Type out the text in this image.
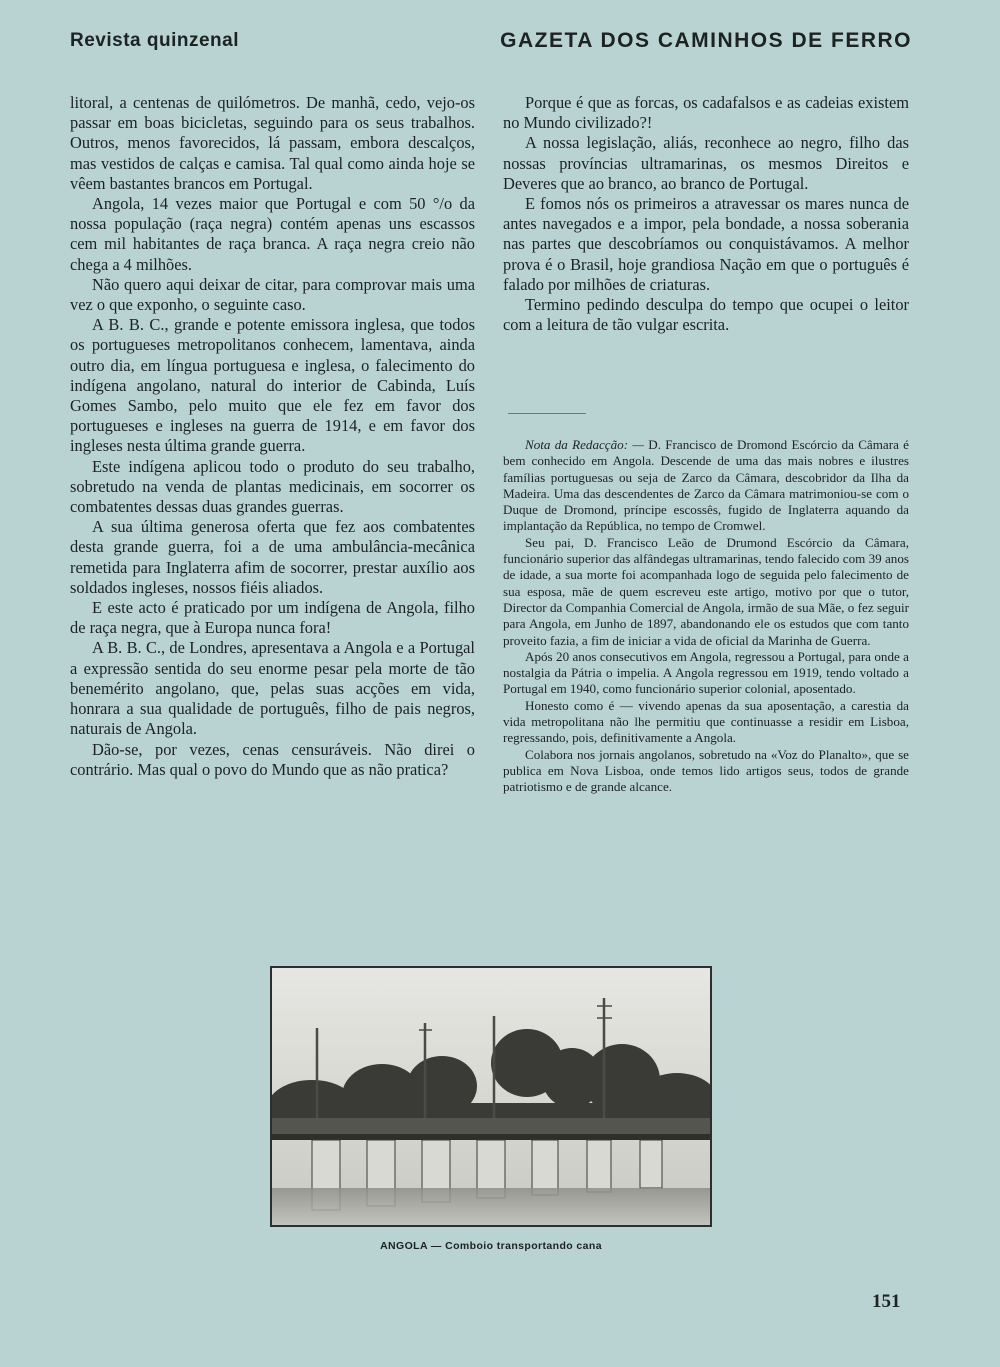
Revista quinzenal	GAZETA DOS CAMINHOS DE FERRO

litoral, a centenas de quilómetros. De manhã, cedo, vejo-os passar em boas bicicletas, seguindo para os seus trabalhos. Outros, menos favorecidos, lá passam, embora descalços, mas vestidos de calças e camisa. Tal qual como ainda hoje se vêem bastantes brancos em Portugal.

Angola, 14 vezes maior que Portugal e com 50 °/o da nossa população (raça negra) contém apenas uns escassos cem mil habitantes de raça branca. A raça negra creio não chega a 4 milhões.

Não quero aqui deixar de citar, para comprovar mais uma vez o que exponho, o seguinte caso.

A B. B. C., grande e potente emissora inglesa, que todos os portugueses metropolitanos conhecem, lamentava, ainda outro dia, em língua portuguesa e inglesa, o falecimento do indígena angolano, natural do interior de Cabinda, Luís Gomes Sambo, pelo muito que ele fez em favor dos portugueses e ingleses na guerra de 1914, e em favor dos ingleses nesta última grande guerra.

Este indígena aplicou todo o produto do seu trabalho, sobretudo na venda de plantas medicinais, em socorrer os combatentes dessas duas grandes guerras.

A sua última generosa oferta que fez aos combatentes desta grande guerra, foi a de uma ambulância-mecânica remetida para Inglaterra afim de socorrer, prestar auxílio aos soldados ingleses, nossos fiéis aliados.

E este acto é praticado por um indígena de Angola, filho de raça negra, que à Europa nunca fora!

A B. B. C., de Londres, apresentava a Angola e a Portugal a expressão sentida do seu enorme pesar pela morte de tão benemérito angolano, que, pelas suas acções em vida, honrara a sua qualidade de português, filho de pais negros, naturais de Angola.

Dão-se, por vezes, cenas censuráveis. Não direi o contrário. Mas qual o povo do Mundo que as não pratica?

Porque é que as forcas, os cadafalsos e as cadeias existem no Mundo civilizado?!

A nossa legislação, aliás, reconhece ao negro, filho das nossas províncias ultramarinas, os mesmos Direitos e Deveres que ao branco, ao branco de Portugal.

E fomos nós os primeiros a atravessar os mares nunca de antes navegados e a impor, pela bondade, a nossa soberania nas partes que descobríamos ou conquistávamos. A melhor prova é o Brasil, hoje grandiosa Nação em que o português é falado por milhões de criaturas.

Termino pedindo desculpa do tempo que ocupei o leitor com a leitura de tão vulgar escrita.

Nota da Redacção: — D. Francisco de Dromond Escórcio da Câmara é bem conhecido em Angola. Descende de uma das mais nobres e ilustres famílias portuguesas ou seja de Zarco da Câmara, descobridor da Ilha da Madeira. Uma das descendentes de Zarco da Câmara matrimoniou-se com o Duque de Dromond, príncipe escossês, fugido de Inglaterra aquando da implantação da República, no tempo de Cromwel.

Seu pai, D. Francisco Leão de Drumond Escórcio da Câmara, funcionário superior das alfândegas ultramarinas, tendo falecido com 39 anos de idade, a sua morte foi acompanhada logo de seguida pelo falecimento de sua esposa, mãe de quem escreveu este artigo, motivo por que o tutor, Director da Companhia Comercial de Angola, irmão de sua Mãe, o fez seguir para Angola, em Junho de 1897, abandonando ele os estudos que com tanto proveito fazia, a fim de iniciar a vida de oficial da Marinha de Guerra.

Após 20 anos consecutivos em Angola, regressou a Portugal, para onde a nostalgia da Pátria o impelia. A Angola regressou em 1919, tendo voltado a Portugal em 1940, como funcionário superior colonial, aposentado.

Honesto como é — vivendo apenas da sua aposentação, a carestia da vida metropolitana não lhe permitiu que continuasse a residir em Lisboa, regressando, pois, definitivamente a Angola.

Colabora nos jornais angolanos, sobretudo na «Voz do Planalto», que se publica em Nova Lisboa, onde temos lido artigos seus, todos de grande patriotismo e de grande alcance.

ANGOLA — Comboio transportando cana
151
